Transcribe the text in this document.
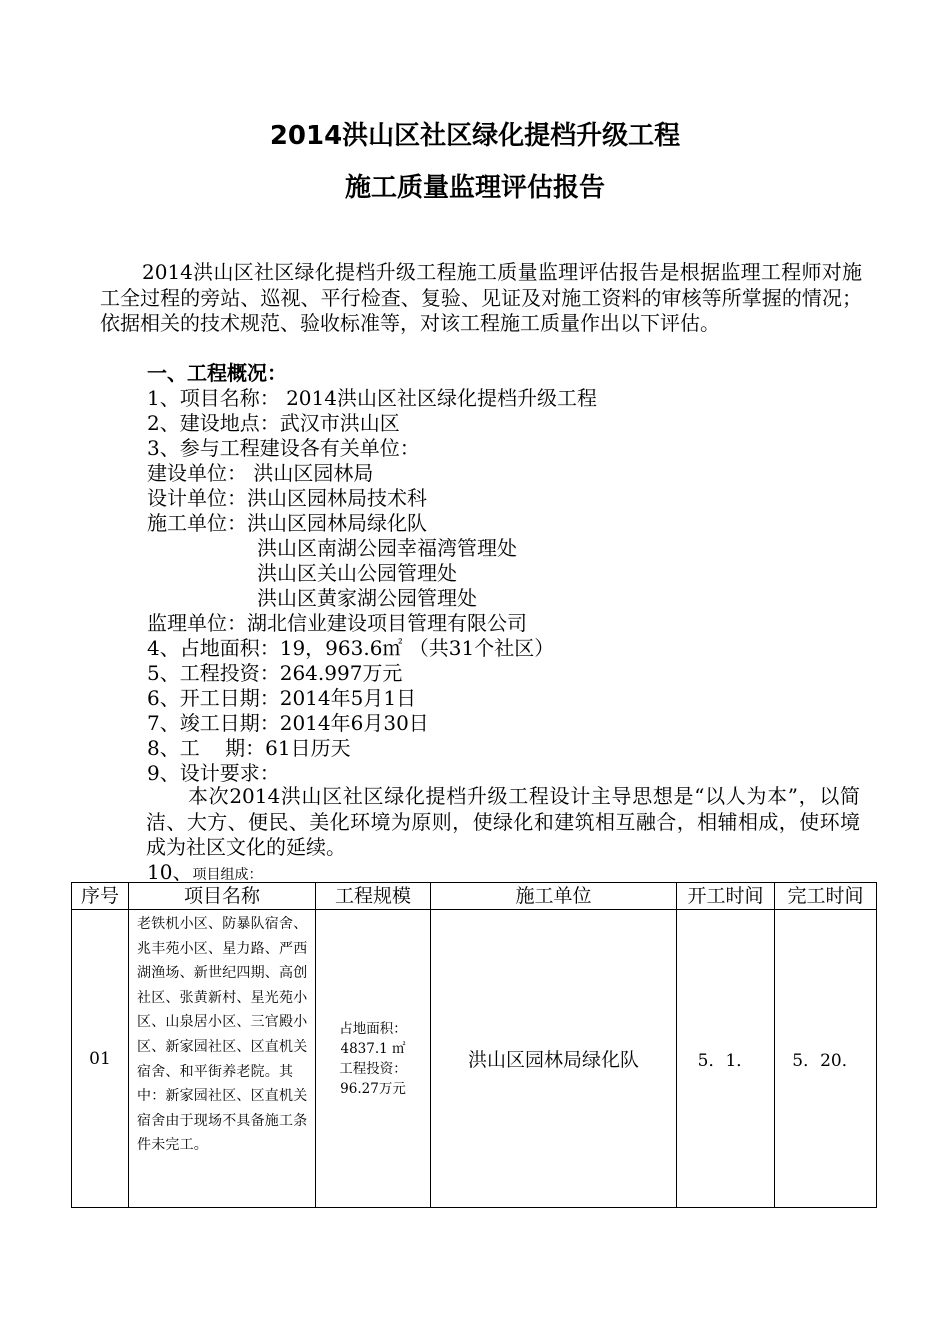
2014洪山区社区绿化提档升级工程
施工质量监理评估报告

2014洪山区社区绿化提档升级工程施工质量监理评估报告是根据监理工程师对施工全过程的旁站、巡视、平行检查、复验、见证及对施工资料的审核等所掌握的情况；依据相关的技术规范、验收标准等，对该工程施工质量作出以下评估。

一、工程概况：

1、项目名称： 2014洪山区社区绿化提档升级工程

2、建设地点：武汉市洪山区

3、参与工程建设各有关单位：

建设单位： 洪山区园林局

设计单位：洪山区园林局技术科

施工单位：洪山区园林局绿化队

洪山区南湖公园幸福湾管理处

洪山区关山公园管理处

洪山区黄家湖公园管理处

监理单位：湖北信业建设项目管理有限公司

4、占地面积：19，963.6㎡ （共31个社区）

5、工程投资：264.997万元

6、开工日期：2014年5月1日

7、竣工日期：2014年6月30日

8、工    期：61日历天

9、设计要求：

本次2014洪山区社区绿化提档升级工程设计主导思想是“以人为本”，以简洁、大方、便民、美化环境为原则，使绿化和建筑相互融合，相辅相成，使环境成为社区文化的延续。

10、项目组成：

序号	项目名称	工程规模	施工单位	开工时间	完工时间
01	老铁机小区、防暴队宿舍、兆丰苑小区、星力路、严西湖渔场、新世纪四期、高创社区、张黄新村、星光苑小区、山泉居小区、三官殿小区、新家园社区、区直机关宿舍、和平街养老院。其中：新家园社区、区直机关宿舍由于现场不具备施工条件未完工。	占地面积：
4837.1 ㎡
工程投资：
96.27万元	洪山区园林局绿化队	5．1．	5．20．
